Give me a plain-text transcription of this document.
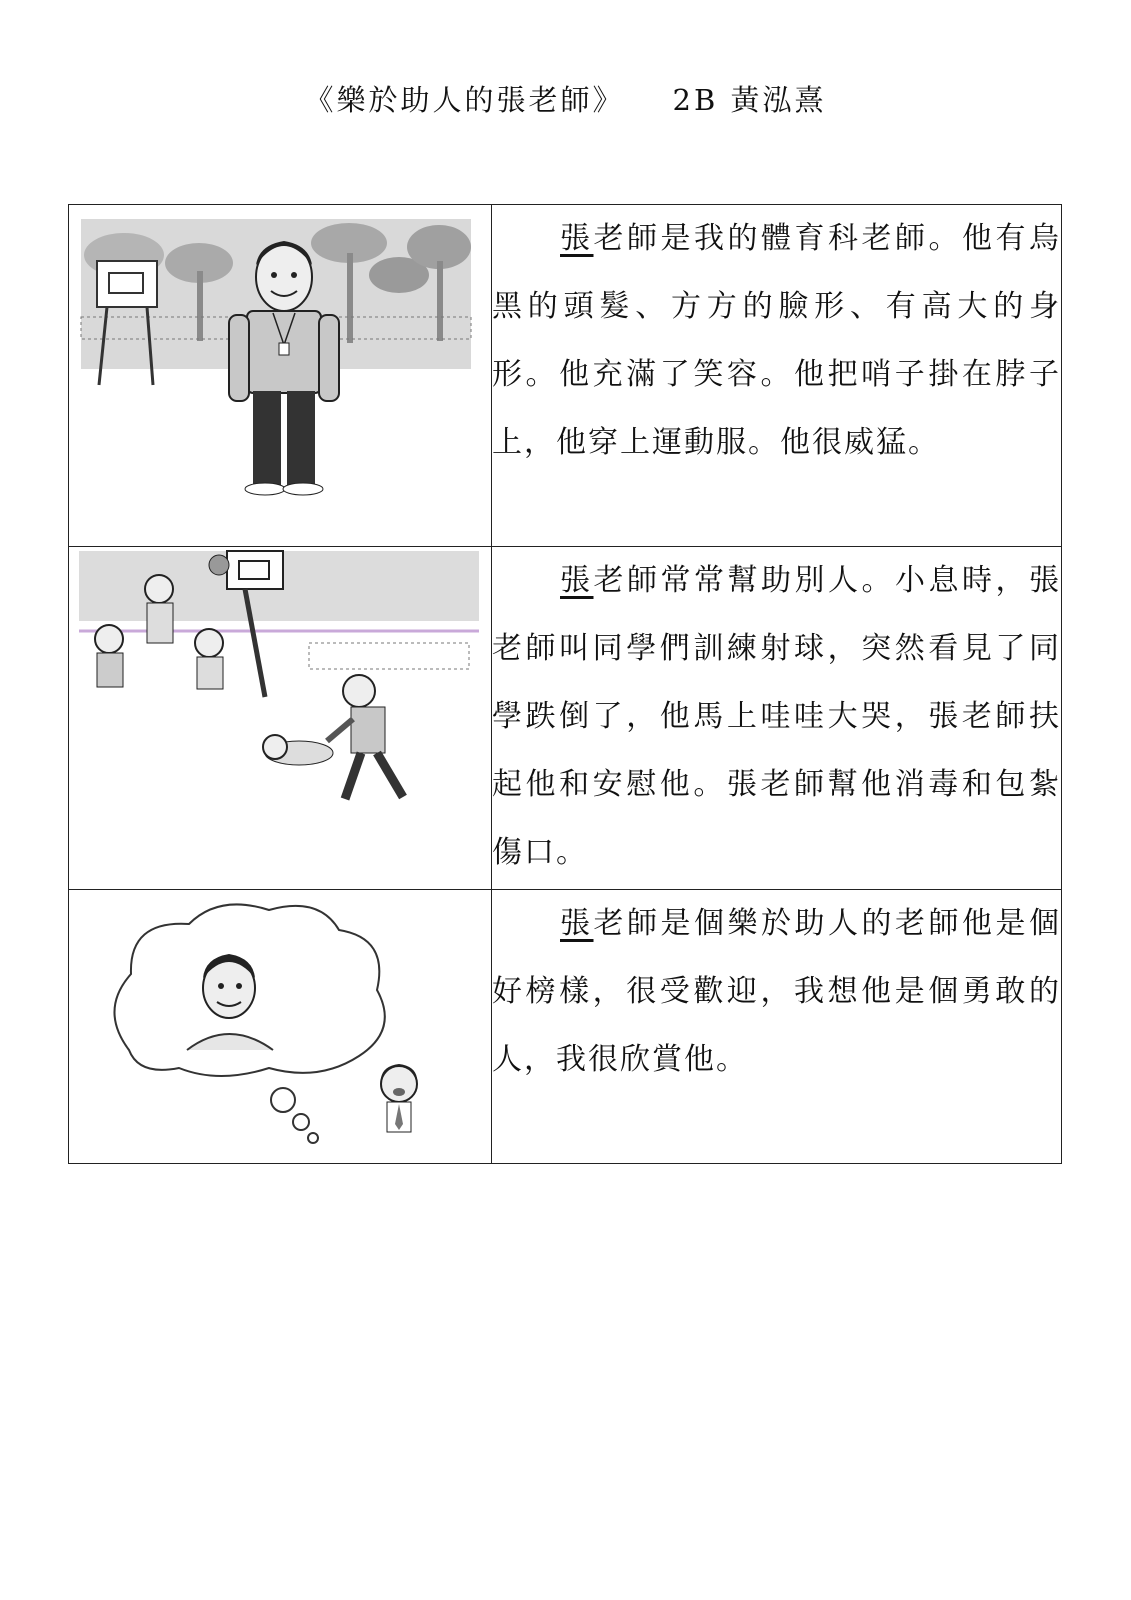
《樂於助人的張老師》 2B 黃泓熹

張老師是我的體育科老師。他有烏黑的頭髮、方方的臉形、有高大的身形。他充滿了笑容。他把哨子掛在脖子上，他穿上運動服。他很威猛。

張老師常常幫助別人。小息時，張老師叫同學們訓練射球，突然看見了同學跌倒了，他馬上哇哇大哭，張老師扶起他和安慰他。張老師幫他消毒和包紮傷口。

張老師是個樂於助人的老師他是個好榜樣，很受歡迎，我想他是個勇敢的人，我很欣賞他。
